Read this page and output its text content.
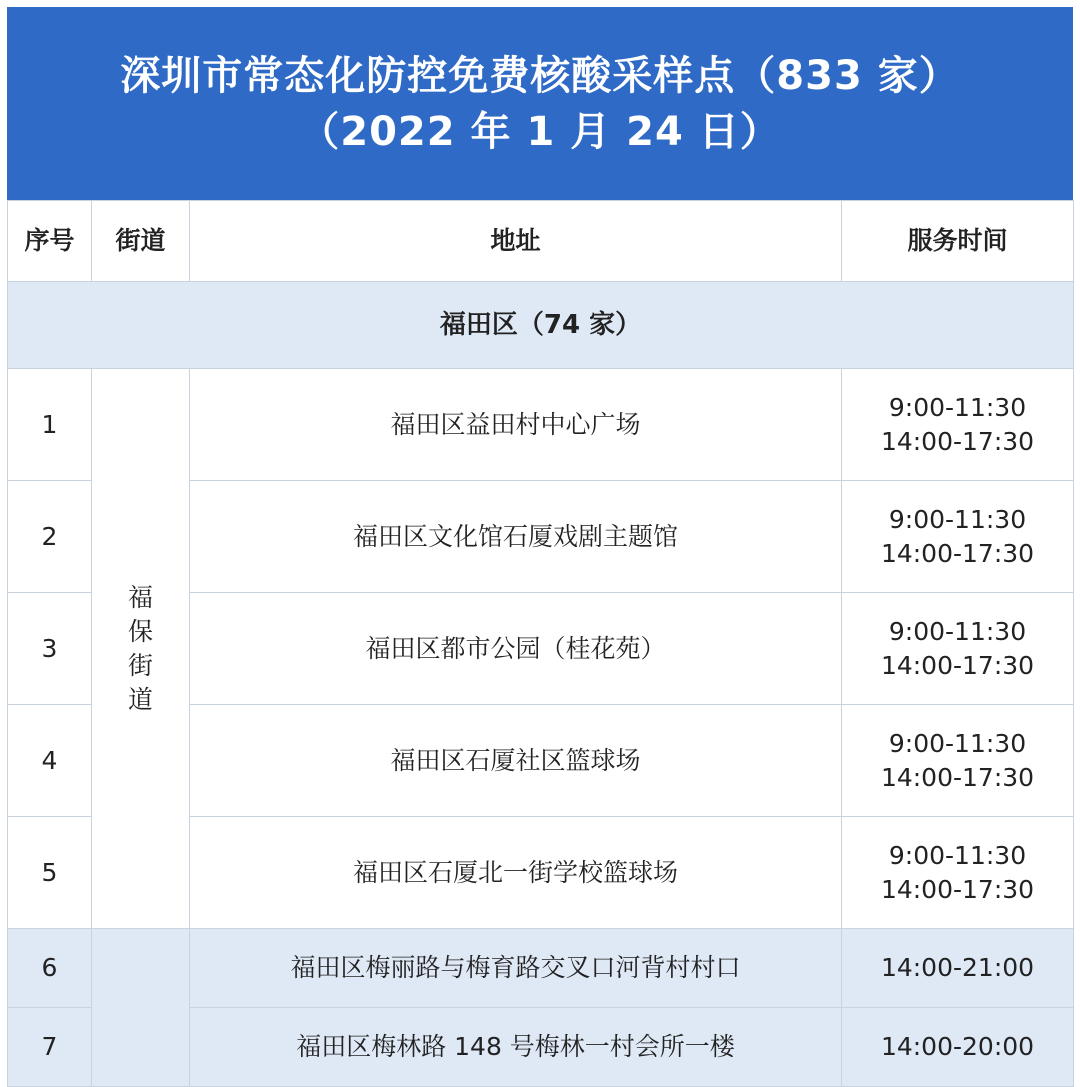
深圳市常态化防控免费核酸采样点（833 家）
（2022 年 1 月 24 日）
序号	街道	地址	服务时间
福田区（74 家）			
1	福保街道	福田区益田村中心广场	9:00-11:30
14:00-17:30

2		福田区文化馆石厦戏剧主题馆	9:00-11:30
14:00-17:30

3		福田区都市公园（桂花苑）	9:00-11:30
14:00-17:30

4		福田区石厦社区篮球场	9:00-11:30
14:00-17:30

5		福田区石厦北一街学校篮球场	9:00-11:30
14:00-17:30

6		福田区梅丽路与梅育路交叉口河背村村口	14:00-21:00
7		福田区梅林路 148 号梅林一村会所一楼	14:00-20:00
